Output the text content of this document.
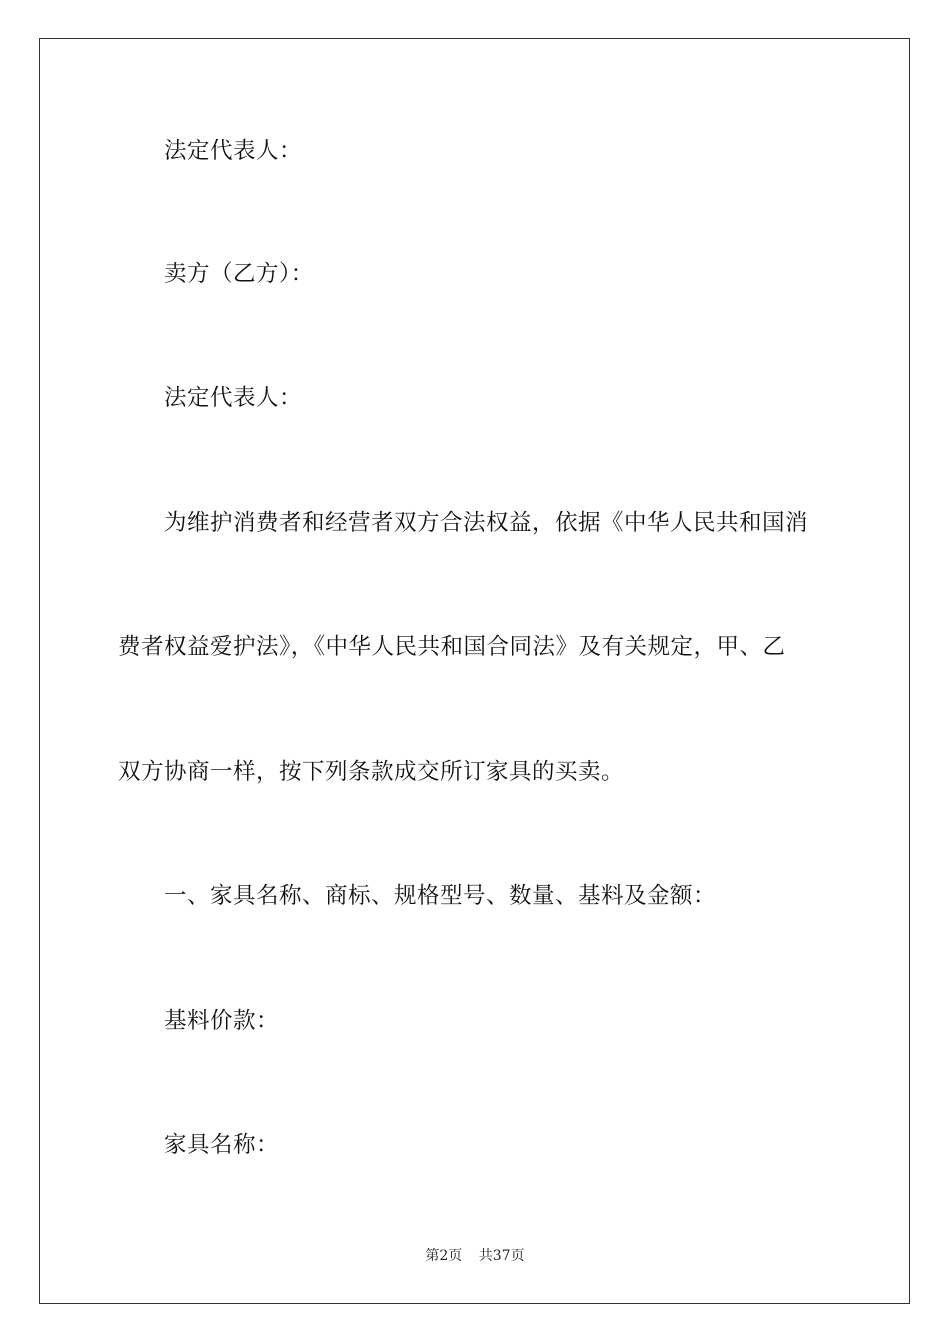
法定代表人：
卖方（乙方）：
法定代表人：
为维护消费者和经营者双方合法权益，依据《中华人民共和国消
费者权益爱护法》，《中华人民共和国合同法》及有关规定，甲、乙
双方协商一样，按下列条款成交所订家具的买卖。
一、家具名称、商标、规格型号、数量、基料及金额：
基料价款：
家具名称：
第2页 共37页
